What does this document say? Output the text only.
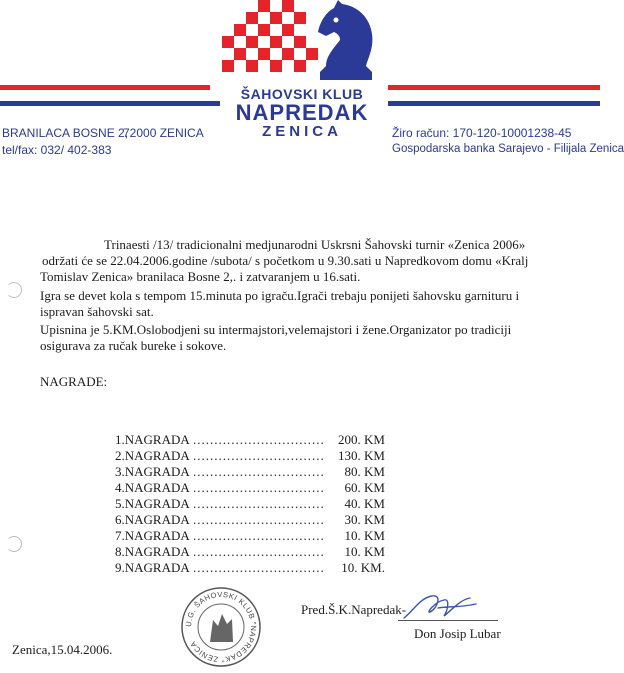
ŠAHOVSKI KLUB
NAPREDAK
ZENICA
BRANILACA BOSNE 2,
72000 ZENICA
tel/fax: 032/ 402-383
Žiro račun: 170-120-10001238-45
Gospodarska banka Sarajevo - Filijala Zenica
Trinaesti /13/ tradicionalni medjunarodni Uskrsni Šahovski turnir «Zenica 2006»
održati će se 22.04.2006.godine /subota/ s početkom u 9.30.sati u Napredkovom domu «Kralj
Tomislav Zenica» branilaca Bosne 2,. i zatvaranjem u 16.sati.
Igra se devet kola s tempom 15.minuta po igraču.Igrači trebaju ponijeti šahovsku garnituru i
ispravan šahovski sat.
Upisnina je 5.KM.Oslobodjeni su intermajstori,velemajstori i žene.Organizator po tradiciji
osigurava za ručak bureke i sokove.
NAGRADE:
1.NAGRADA ...............................	200. KM
2.NAGRADA ...............................	130. KM
3.NAGRADA ...............................	80. KM
4.NAGRADA ...............................	60. KM
5.NAGRADA ...............................	40. KM
6.NAGRADA ...............................	30. KM
7.NAGRADA ...............................	10. KM
8.NAGRADA ...............................	10. KM
9.NAGRADA ...............................	10. KM.
U.G. ŠAHOVSKI KLUB "NAPREDAK" ZENICA
Pred.Š.K.Napredak-
Don Josip Lubar
Zenica,15.04.2006.
